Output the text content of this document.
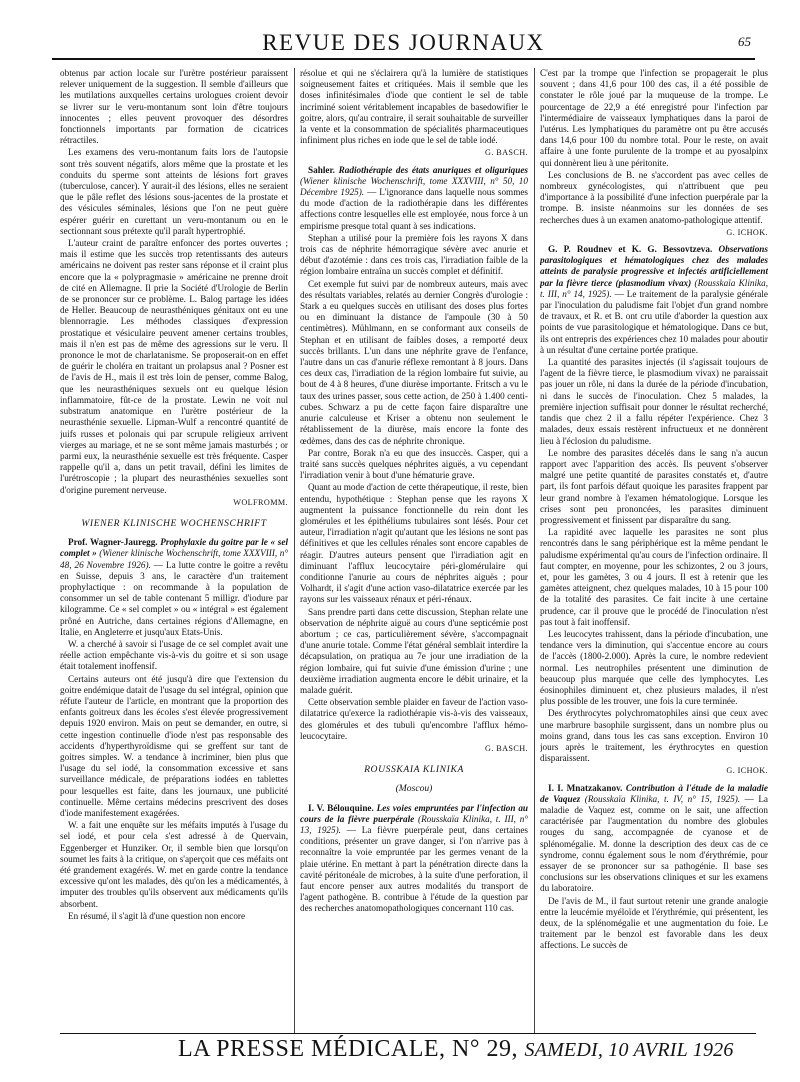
REVUE DES JOURNAUX	65

obtenus par action locale sur l'urètre postérieur paraissent relever uniquement de la suggestion. Il semble d'ailleurs que les mutilations auxquelles certains urologues croient devoir se livrer sur le veru-montanum sont loin d'être toujours innocentes ; elles peuvent provoquer des désordres fonctionnels importants par formation de cicatrices rétractiles.

Les examens des veru-montanum faits lors de l'autopsie sont très souvent négatifs, alors même que la prostate et les conduits du sperme sont atteints de lésions fort graves (tuberculose, cancer). Y aurait-il des lésions, elles ne seraient que le pâle reflet des lésions sous-jacentes de la prostate et des vésicules séminales, lésions que l'on ne peut guère espérer guérir en curettant un veru-montanum ou en le sectionnant sous prétexte qu'il paraît hypertrophié.

L'auteur craint de paraître enfoncer des portes ouvertes ; mais il estime que les succès trop retentissants des auteurs américains ne doivent pas rester sans réponse et il craint plus encore que la « polypragmasie » américaine ne prenne droit de cité en Allemagne. Il prie la Société d'Urologie de Berlin de se prononcer sur ce problème. L. Balog partage les idées de Heller. Beaucoup de neurasthéniques génitaux ont eu une blennorragie. Les méthodes classiques d'expression prostatique et vésiculaire peuvent amener certains troubles, mais il n'en est pas de même des agressions sur le veru. Il prononce le mot de charlatanisme. Se proposerait-on en effet de guérir le choléra en traitant un prolapsus anal ? Posner est de l'avis de H., mais il est très loin de penser, comme Balog, que les neurasthéniques sexuels ont eu quelque lésion inflammatoire, fût-ce de la prostate. Lewin ne voit nul substratum anatomique en l'urètre postérieur de la neurasthénie sexuelle. Lipman-Wulf a rencontré quantité de juifs russes et polonais qui par scrupule religieux arrivent vierges au mariage, et ne se sont même jamais masturbés ; or parmi eux, la neurasthénie sexuelle est très fréquente. Casper rappelle qu'il a, dans un petit travail, défini les limites de l'urétroscopie ; la plupart des neurasthénies sexuelles sont d'origine purement nerveuse.

WOLFROMM.
WIENER KLINISCHE WOCHENSCHRIFT

Prof. Wagner-Jauregg. Prophylaxie du goitre par le « sel complet » (Wiener klinische Wochenschrift, tome XXXVIII, n° 48, 26 Novembre 1926). — La lutte contre le goitre a revêtu en Suisse, depuis 3 ans, le caractère d'un traitement prophylactique : on recommande à la population de consommer un sel de table contenant 5 milligr. d'iodure par kilogramme. Ce « sel complet » ou « intégral » est également prôné en Autriche, dans certaines régions d'Allemagne, en Italie, en Angleterre et jusqu'aux Etats-Unis.

W. a cherché à savoir si l'usage de ce sel complet avait une réelle action empêchante vis-à-vis du goitre et si son usage était totalement inoffensif.

Certains auteurs ont été jusqu'à dire que l'extension du goitre endémique datait de l'usage du sel intégral, opinion que réfute l'auteur de l'article, en montrant que la proportion des enfants goitreux dans les écoles s'est élevée progressivement depuis 1920 environ. Mais on peut se demander, en outre, si cette ingestion continuelle d'iode n'est pas responsable des accidents d'hyperthyroïdisme qui se greffent sur tant de goitres simples. W. a tendance à incriminer, bien plus que l'usage du sel iodé, la consommation excessive et sans surveillance médicale, de préparations iodées en tablettes pour lesquelles est faite, dans les journaux, une publicité continuelle. Même certains médecins prescrivent des doses d'iode manifestement exagérées.

W. a fait une enquête sur les méfaits imputés à l'usage du sel iodé, et pour cela s'est adressé à de Quervain, Eggenberger et Hunziker. Or, il semble bien que lorsqu'on soumet les faits à la critique, on s'aperçoit que ces méfaits ont été grandement exagérés. W. met en garde contre la tendance excessive qu'ont les malades, dès qu'on les a médicamentés, à imputer des troubles qu'ils observent aux médicaments qu'ils absorbent.

En résumé, il s'agit là d'une question non encore

résolue et qui ne s'éclairera qu'à la lumière de statistiques soigneusement faites et critiquées. Mais il semble que les doses infinitésimales d'iode que contient le sel de table incriminé soient véritablement incapables de basedowifier le goitre, alors, qu'au contraire, il serait souhaitable de surveiller la vente et la consommation de spécialités pharmaceutiques infiniment plus riches en iode que le sel de table iodé.

G. BASCH.

Sahler. Radiothérapie des états anuriques et oliguriques (Wiener klinische Wochenschrift, tome XXXVIII, n° 50, 10 Décembre 1925). — L'ignorance dans laquelle nous sommes du mode d'action de la radiothérapie dans les différentes affections contre lesquelles elle est employée, nous force à un empirisme presque total quant à ses indications.

Stephan a utilisé pour la première fois les rayons X dans trois cas de néphrite hémorragique sévère avec anurie et début d'azotémie : dans ces trois cas, l'irradiation faible de la région lombaire entraîna un succès complet et définitif.

Cet exemple fut suivi par de nombreux auteurs, mais avec des résultats variables, relatés au dernier Congrès d'urologie : Stark a eu quelques succès en utilisant des doses plus fortes ou en diminuant la distance de l'ampoule (30 à 50 centimètres). Mühlmann, en se conformant aux conseils de Stephan et en utilisant de faibles doses, a remporté deux succès brillants. L'un dans une néphrite grave de l'enfance, l'autre dans un cas d'anurie réflexe remontant à 8 jours. Dans ces deux cas, l'irradiation de la région lombaire fut suivie, au bout de 4 à 8 heures, d'une diurèse importante. Fritsch a vu le taux des urines passer, sous cette action, de 250 à 1.400 centi-cubes. Schwarz a pu de cette façon faire disparaître une anurie calculeuse et Kriser a obtenu non seulement le rétablissement de la diurèse, mais encore la fonte des œdèmes, dans des cas de néphrite chronique.

Par contre, Borak n'a eu que des insuccès. Casper, qui a traité sans succès quelques néphrites aiguës, a vu cependant l'irradiation venir à bout d'une hématurie grave.

Quant au mode d'action de cette thérapeutique, il reste, bien entendu, hypothétique : Stephan pense que les rayons X augmentent la puissance fonctionnelle du rein dont les glomérules et les épithéliums tubulaires sont lésés. Pour cet auteur, l'irradiation n'agit qu'autant que les lésions ne sont pas définitives et que les cellules rénales sont encore capables de réagir. D'autres auteurs pensent que l'irradiation agit en diminuant l'afflux leucocytaire péri-glomérulaire qui conditionne l'anurie au cours de néphrites aiguës ; pour Volhardt, il s'agit d'une action vaso-dilatatrice exercée par les rayons sur les vaisseaux rénaux et péri-rénaux.

Sans prendre parti dans cette discussion, Stephan relate une observation de néphrite aiguë au cours d'une septicémie post abortum ; ce cas, particulièrement sévère, s'accompagnait d'une anurie totale. Comme l'état général semblait interdire la décapsulation, on pratiqua au 7e jour une irradiation de la région lombaire, qui fut suivie d'une émission d'urine ; une deuxième irradiation augmenta encore le débit urinaire, et la malade guérit.

Cette observation semble plaider en faveur de l'action vaso-dilatatrice qu'exerce la radiothérapie vis-à-vis des vaisseaux, des glomérules et des tubuli qu'encombre l'afflux hémo-leucocytaire.

G. BASCH.
ROUSSKAIA KLINIKA
(Moscou)

I. V. Bélouquine. Les voies empruntées par l'infection au cours de la fièvre puerpérale (Rousskaïa Klinika, t. III, n° 13, 1925). — La fièvre puerpérale peut, dans certaines conditions, présenter un grave danger, si l'on n'arrive pas à reconnaître la voie empruntée par les germes venant de la plaie utérine. En mettant à part la pénétration directe dans la cavité péritonéale de microbes, à la suite d'une perforation, il faut encore penser aux autres modalités du transport de l'agent pathogène. B. contribue à l'étude de la question par des recherches anatomopathologiques concernant 110 cas.

C'est par la trompe que l'infection se propagerait le plus souvent ; dans 41,6 pour 100 des cas, il a été possible de constater le rôle joué par la muqueuse de la trompe. Le pourcentage de 22,9 a été enregistré pour l'infection par l'intermédiaire de vaisseaux lymphatiques dans la paroi de l'utérus. Les lymphatiques du paramètre ont pu être accusés dans 14,6 pour 100 du nombre total. Pour le reste, on avait affaire à une fonte purulente de la trompe et au pyosalpinx qui donnèrent lieu à une péritonite.

Les conclusions de B. ne s'accordent pas avec celles de nombreux gynécologistes, qui n'attribuent que peu d'importance à la possibilité d'une infection puerpérale par la trompe. B. insiste néanmoins sur les données de ses recherches dues à un examen anatomo-pathologique attentif.

G. ICHOK.

G. P. Roudnev et K. G. Bessovtzeva. Observations parasitologiques et hématologiques chez des malades atteints de paralysie progressive et infectés artificiellement par la fièvre tierce (plasmodium vivax) (Rousskaïa Klinika, t. III, n° 14, 1925). — Le traitement de la paralysie générale par l'inoculation du paludisme fait l'objet d'un grand nombre de travaux, et R. et B. ont cru utile d'aborder la question aux points de vue parasitologique et hématologique. Dans ce but, ils ont entrepris des expériences chez 10 malades pour aboutir à un résultat d'une certaine portée pratique.

La quantité des parasites injectés (il s'agissait toujours de l'agent de la fièvre tierce, le plasmodium vivax) ne paraissait pas jouer un rôle, ni dans la durée de la période d'incubation, ni dans le succès de l'inoculation. Chez 5 malades, la première injection suffisait pour donner le résultat recherché, tandis que chez 2 il a fallu répéter l'expérience. Chez 3 malades, deux essais restèrent infructueux et ne donnèrent lieu à l'éclosion du paludisme.

Le nombre des parasites décelés dans le sang n'a aucun rapport avec l'apparition des accès. Ils peuvent s'observer malgré une petite quantité de parasites constatés et, d'autre part, ils font parfois défaut quoique les parasites frappent par leur grand nombre à l'examen hématologique. Lorsque les crises sont peu prononcées, les parasites diminuent progressivement et finissent par disparaître du sang.

La rapidité avec laquelle les parasites ne sont plus rencontrés dans le sang périphérique est la même pendant le paludisme expérimental qu'au cours de l'infection ordinaire. Il faut compter, en moyenne, pour les schizontes, 2 ou 3 jours, et, pour les gamètes, 3 ou 4 jours. Il est à retenir que les gamètes atteignent, chez quelques malades, 10 à 15 pour 100 de la totalité des parasites. Ce fait incite à une certaine prudence, car il prouve que le procédé de l'inoculation n'est pas tout à fait inoffensif.

Les leucocytes trahissent, dans la période d'incubation, une tendance vers la diminution, qui s'accentue encore au cours de l'accès (1800-2.000). Après la cure, le nombre redevient normal. Les neutrophiles présentent une diminution de beaucoup plus marquée que celle des lymphocytes. Les éosinophiles diminuent et, chez plusieurs malades, il n'est plus possible de les trouver, une fois la cure terminée.

Des érythrocytes polychromatophiles ainsi que ceux avec une marbrure basophile surgissent, dans un nombre plus ou moins grand, dans tous les cas sans exception. Environ 10 jours après le traitement, les érythrocytes en question disparaissent.

G. ICHOK.

I. I. Mnatzakanov. Contribution à l'étude de la maladie de Vaquez (Rousskaïa Klinika, t. IV, n° 15, 1925). — La maladie de Vaquez est, comme on le sait, une affection caractérisée par l'augmentation du nombre des globules rouges du sang, accompagnée de cyanose et de splénomégalie. M. donne la description des deux cas de ce syndrome, connu également sous le nom d'érythrémie, pour essayer de se prononcer sur sa pathogénie. Il base ses conclusions sur les observations cliniques et sur les examens du laboratoire.

De l'avis de M., il faut surtout retenir une grande analogie entre la leucémie myéloïde et l'érythrémie, qui présentent, les deux, de la splénomégalie et une augmentation du foie. Le traitement par le benzol est favorable dans les deux affections. Le succès de

LA PRESSE MÉDICALE, N° 29, SAMEDI, 10 AVRIL 1926
